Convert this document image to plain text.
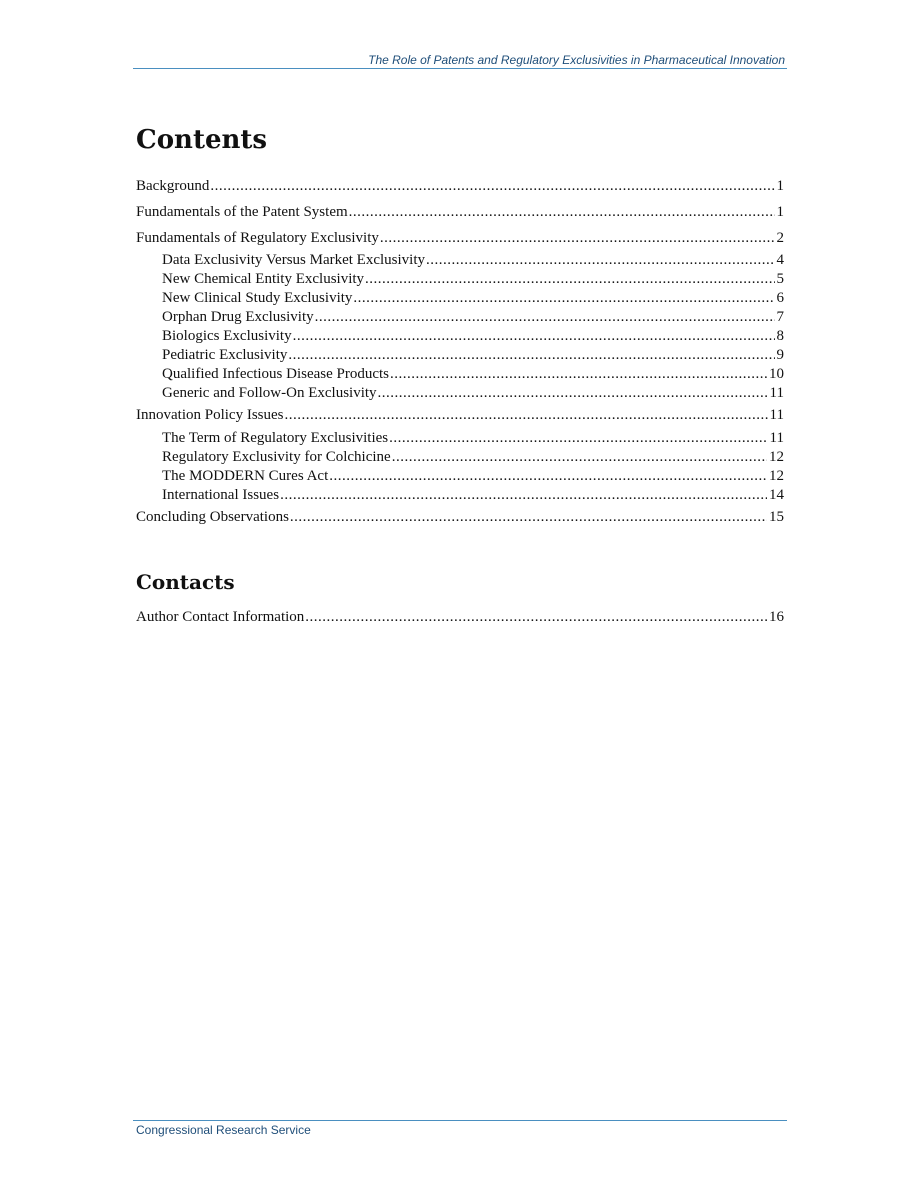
The Role of Patents and Regulatory Exclusivities in Pharmaceutical Innovation
Contents
Background .....	1
Fundamentals of the Patent System .....	1
Fundamentals of Regulatory Exclusivity .....	2
Data Exclusivity Versus Market Exclusivity .....	4
New Chemical Entity Exclusivity .....	5
New Clinical Study Exclusivity .....	6
Orphan Drug Exclusivity .....	7
Biologics Exclusivity .....	8
Pediatric Exclusivity .....	9
Qualified Infectious Disease Products .....	10
Generic and Follow-On Exclusivity .....	11
Innovation Policy Issues .....	11
The Term of Regulatory Exclusivities .....	11
Regulatory Exclusivity for Colchicine .....	12
The MODDERN Cures Act .....	12
International Issues .....	14
Concluding Observations .....	15
Contacts
Author Contact Information .....	16
Congressional Research Service
